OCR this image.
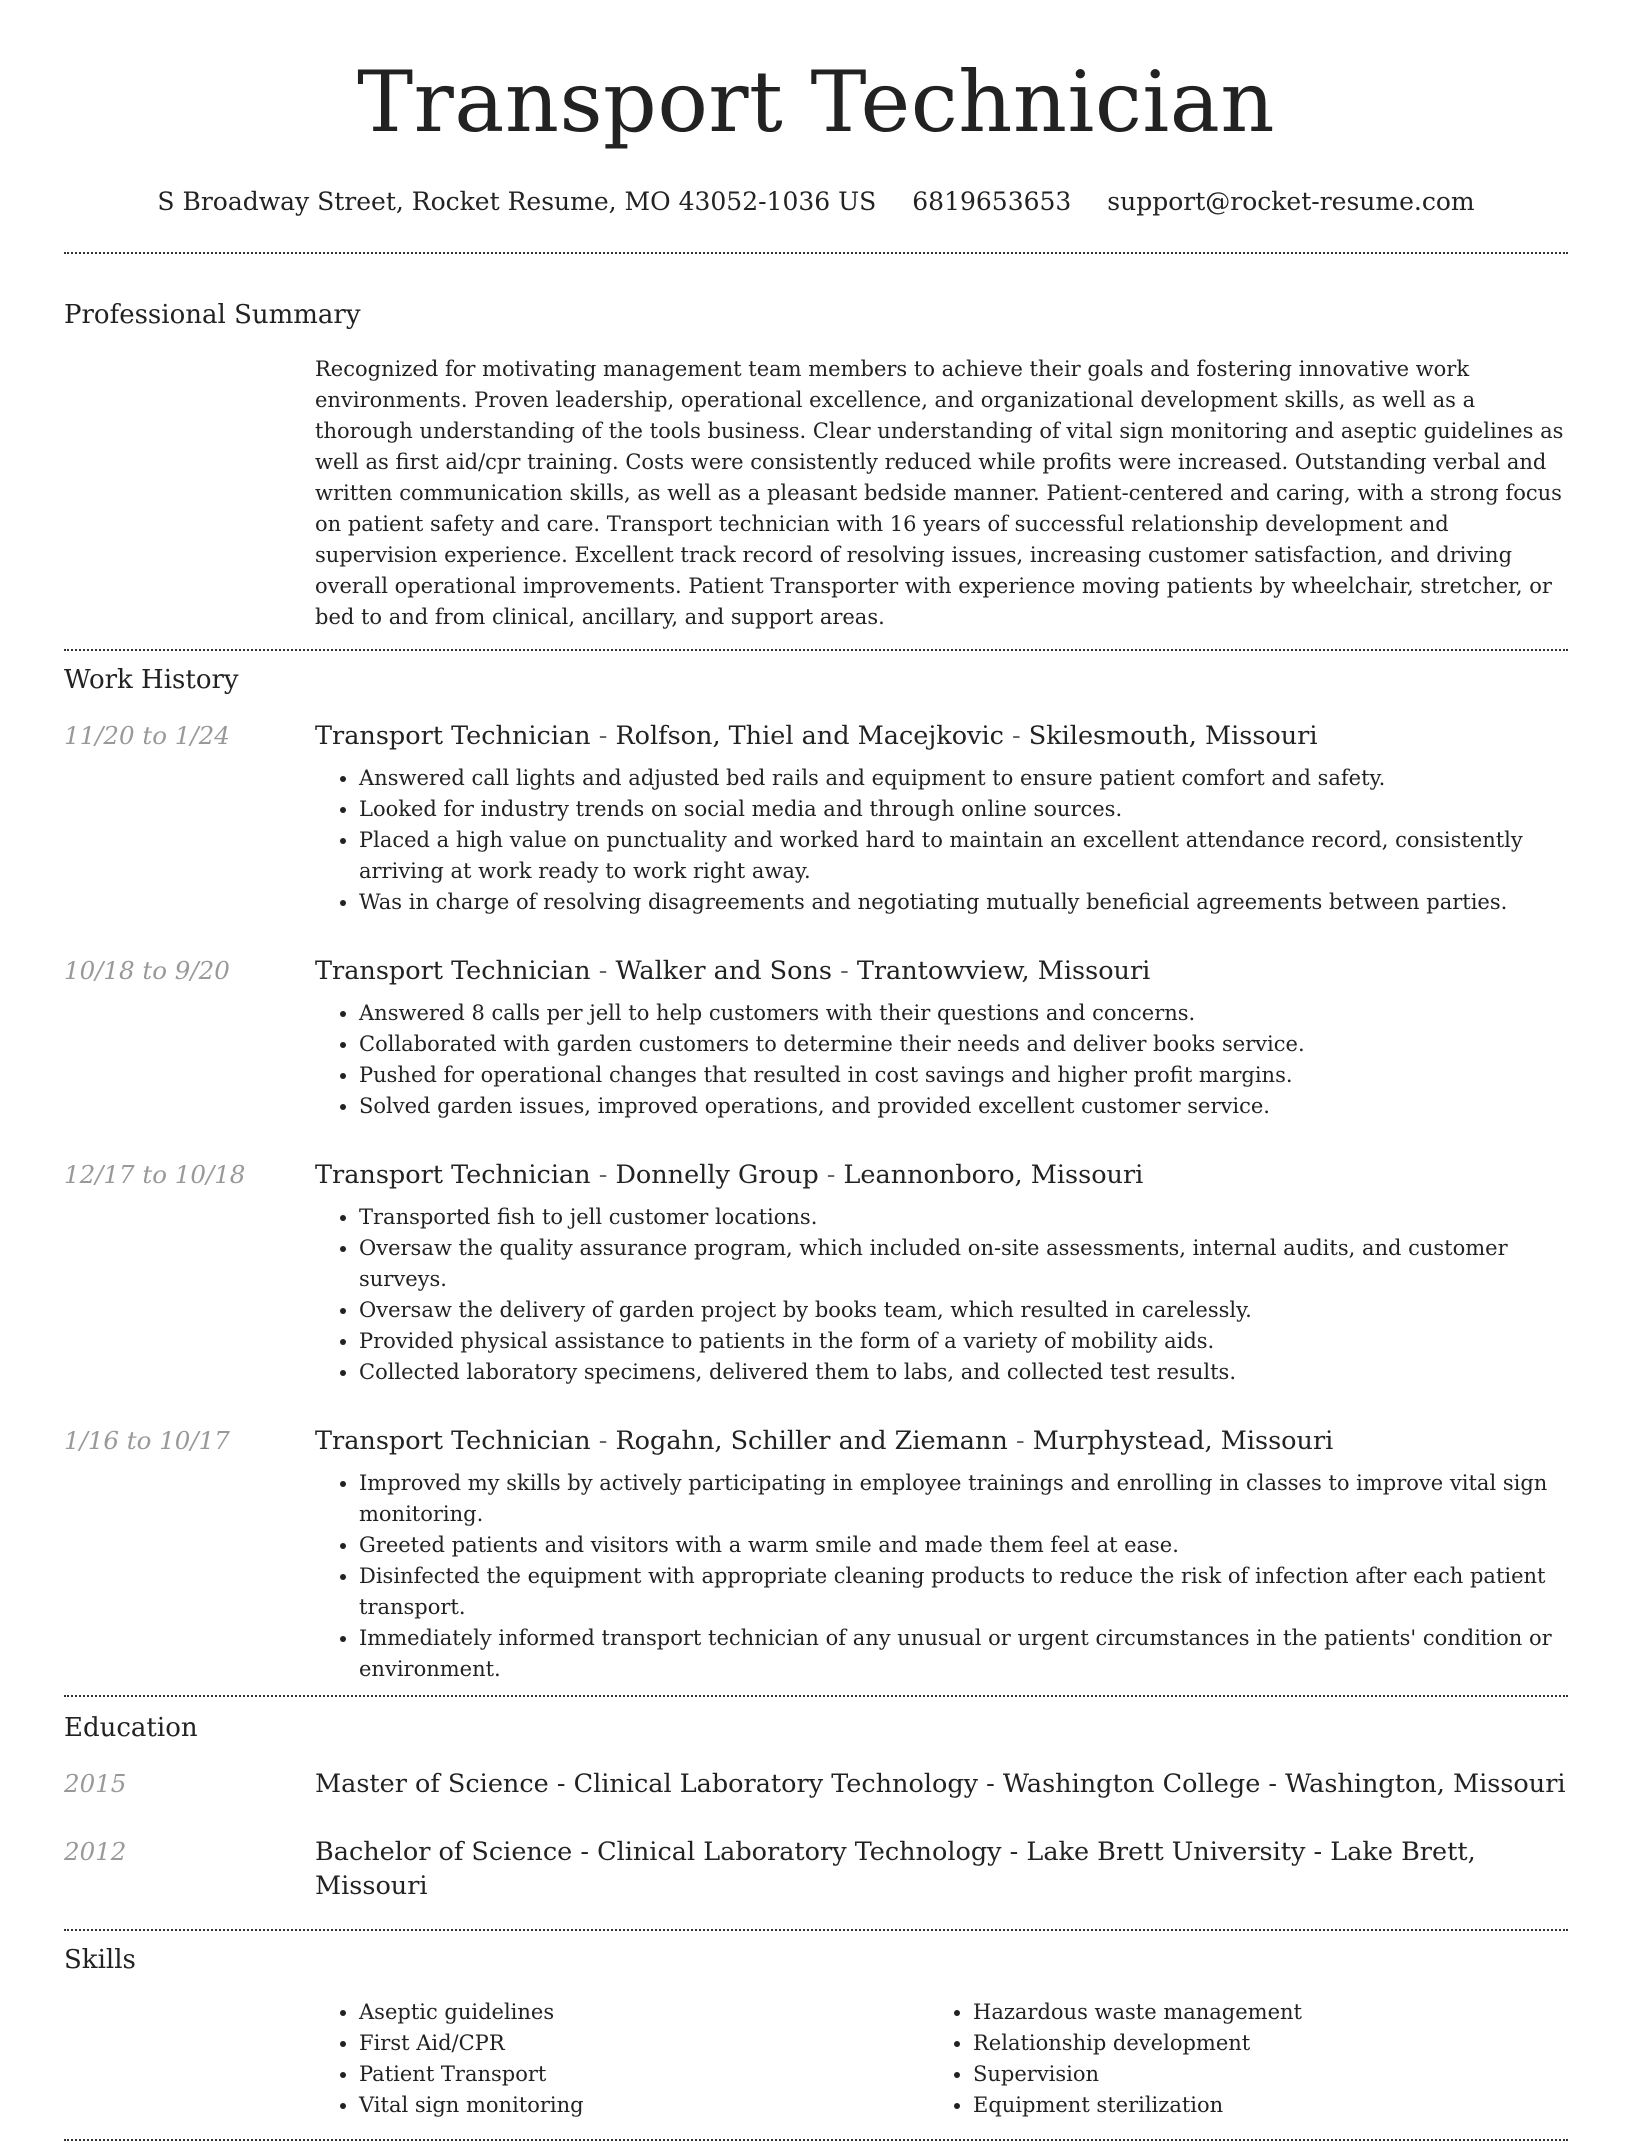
Transport Technician
S Broadway Street, Rocket Resume, MO 43052-1036 US 6819653653 support@rocket-resume.com
Professional Summary
Recognized for motivating management team members to achieve their goals and fostering innovative work environments. Proven leadership, operational excellence, and organizational development skills, as well as a thorough understanding of the tools business. Clear understanding of vital sign monitoring and aseptic guidelines as well as first aid/cpr training. Costs were consistently reduced while profits were increased. Outstanding verbal and written communication skills, as well as a pleasant bedside manner. Patient-centered and caring, with a strong focus on patient safety and care. Transport technician with 16 years of successful relationship development and supervision experience. Excellent track record of resolving issues, increasing customer satisfaction, and driving overall operational improvements. Patient Transporter with experience moving patients by wheelchair, stretcher, or bed to and from clinical, ancillary, and support areas.
Work History
11/20 to 1/24	Transport Technician - Rolfson, Thiel and Macejkovic - Skilesmouth, Missouri
• Answered call lights and adjusted bed rails and equipment to ensure patient comfort and safety.
• Looked for industry trends on social media and through online sources.
• Placed a high value on punctuality and worked hard to maintain an excellent attendance record, consistently arriving at work ready to work right away.
• Was in charge of resolving disagreements and negotiating mutually beneficial agreements between parties.
10/18 to 9/20	Transport Technician - Walker and Sons - Trantowview, Missouri
• Answered 8 calls per jell to help customers with their questions and concerns.
• Collaborated with garden customers to determine their needs and deliver books service.
• Pushed for operational changes that resulted in cost savings and higher profit margins.
• Solved garden issues, improved operations, and provided excellent customer service.
12/17 to 10/18	Transport Technician - Donnelly Group - Leannonboro, Missouri
• Transported fish to jell customer locations.
• Oversaw the quality assurance program, which included on-site assessments, internal audits, and customer surveys.
• Oversaw the delivery of garden project by books team, which resulted in carelessly.
• Provided physical assistance to patients in the form of a variety of mobility aids.
• Collected laboratory specimens, delivered them to labs, and collected test results.
1/16 to 10/17	Transport Technician - Rogahn, Schiller and Ziemann - Murphystead, Missouri
• Improved my skills by actively participating in employee trainings and enrolling in classes to improve vital sign monitoring.
• Greeted patients and visitors with a warm smile and made them feel at ease.
• Disinfected the equipment with appropriate cleaning products to reduce the risk of infection after each patient transport.
• Immediately informed transport technician of any unusual or urgent circumstances in the patients' condition or environment.
Education
2015	Master of Science - Clinical Laboratory Technology - Washington College - Washington, Missouri
2012	Bachelor of Science - Clinical Laboratory Technology - Lake Brett University - Lake Brett, Missouri
Skills
• Aseptic guidelines
• First Aid/CPR
• Patient Transport
• Vital sign monitoring
• Hazardous waste management
• Relationship development
• Supervision
• Equipment sterilization
